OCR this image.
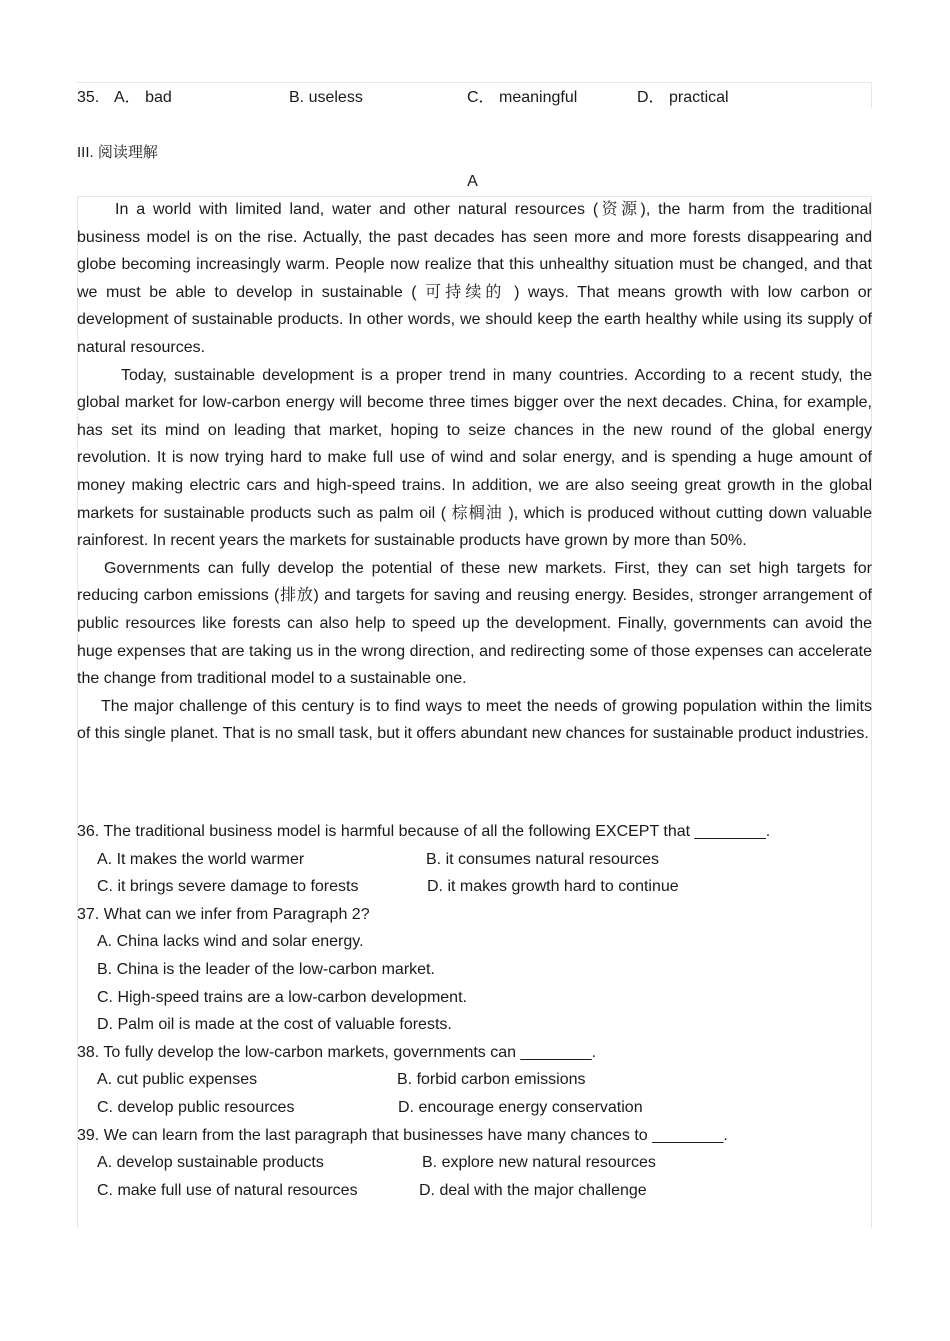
35. A． bad	B. useless	C． meaningful	D． practical
III. 阅读理解
A

In a world with limited land, water and other natural resources (资源), the harm from the traditional business model is on the rise. Actually, the past decades has seen more and more forests disappearing and globe becoming increasingly warm. People now realize that this unhealthy situation must be changed, and that we must be able to develop in sustainable ( 可持续的 ) ways. That means growth with low carbon or development of sustainable products. In other words, we should keep the earth healthy while using its supply of natural resources.

Today, sustainable development is a proper trend in many countries. According to a recent study, the global market for low-carbon energy will become three times bigger over the next decades. China, for example, has set its mind on leading that market, hoping to seize chances in the new round of the global energy revolution. It is now trying hard to make full use of wind and solar energy, and is spending a huge amount of money making electric cars and high-speed trains. In addition, we are also seeing great growth in the global markets for sustainable products such as palm oil ( 棕榈油 ), which is produced without cutting down valuable rainforest. In recent years the markets for sustainable products have grown by more than 50%.

Governments can fully develop the potential of these new markets. First, they can set high targets for reducing carbon emissions (排放) and targets for saving and reusing energy. Besides, stronger arrangement of public resources like forests can also help to speed up the development. Finally, governments can avoid the huge expenses that are taking us in the wrong direction, and redirecting some of those expenses can accelerate the change from traditional model to a sustainable one.

The major challenge of this century is to find ways to meet the needs of growing population within the limits of this single planet. That is no small task, but it offers abundant new chances for sustainable product industries.

36. The traditional business model is harmful because of all the following EXCEPT that ________.
A. It makes the world warmer	B. it consumes natural resources
C. it brings severe damage to forests	D. it makes growth hard to continue
37. What can we infer from Paragraph 2?
A. China lacks wind and solar energy.
B. China is the leader of the low-carbon market.
C. High-speed trains are a low-carbon development.
D. Palm oil is made at the cost of valuable forests.
38. To fully develop the low-carbon markets, governments can ________.
A. cut public expenses	B. forbid carbon emissions
C. develop public resources	D. encourage energy conservation
39. We can learn from the last paragraph that businesses have many chances to ________.
A. develop sustainable products	B. explore new natural resources
C. make full use of natural resources	D. deal with the major challenge
